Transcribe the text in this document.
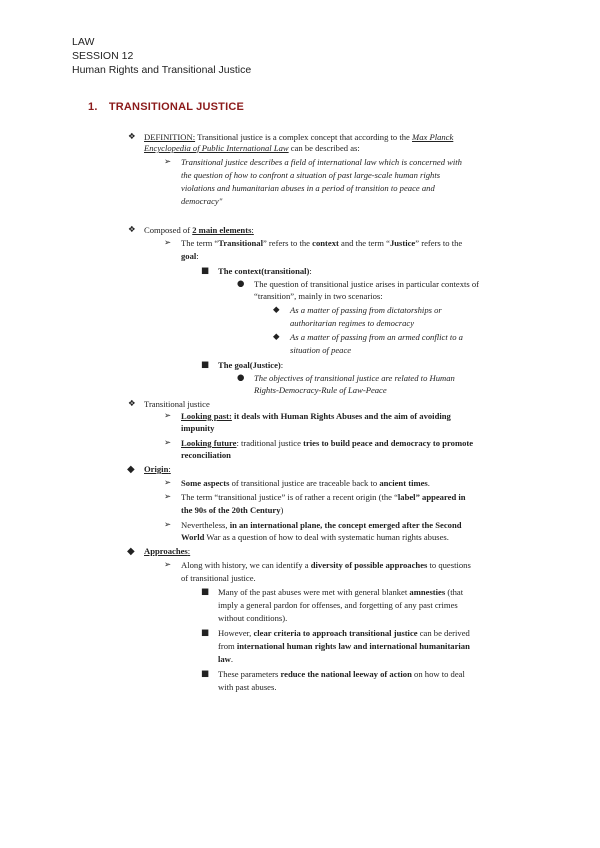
LAW
SESSION 12
Human Rights and Transitional Justice
1. TRANSITIONAL JUSTICE
❖ DEFINITION: Transitional justice is a complex concept that according to the Max Planck
Encyclopedia of Public International Law can be described as:
➢ Transitional justice describes a field of international law which is concerned with
the question of how to confront a situation of past large-scale human rights
violations and humanitarian abuses in a period of transition to peace and
democracy"
❖ Composed of 2 main elements:
➢ The term “Transitional” refers to the context and the term “Justice” refers to the
goal:
■ The context(transitional):
● The question of transitional justice arises in particular contexts of
“transition”, mainly in two scenarios:
◆ As a matter of passing from dictatorships or
authoritarian regimes to democracy
◆ As a matter of passing from an armed conflict to a
situation of peace
■ The goal(Justice):
● The objectives of transitional justice are related to Human
Rights-Democracy-Rule of Law-Peace
❖ Transitional justice
➢ Looking past: it deals with Human Rights Abuses and the aim of avoiding
impunity
➢ Looking future: traditional justice tries to build peace and democracy to promote
reconciliation
◆ Origin:
➢ Some aspects of transitional justice are traceable back to ancient times.
➢ The term “transitional justice” is of rather a recent origin (the “label” appeared in
the 90s of the 20th Century)
➢ Nevertheless, in an international plane, the concept emerged after the Second
World War as a question of how to deal with systematic human rights abuses.
◆ Approaches:
➢ Along with history, we can identify a diversity of possible approaches to questions
of transitional justice.
■ Many of the past abuses were met with general blanket amnesties (that
imply a general pardon for offenses, and forgetting of any past crimes
without conditions).
■ However, clear criteria to approach transitional justice can be derived
from international human rights law and international humanitarian
law.
■ These parameters reduce the national leeway of action on how to deal
with past abuses.
